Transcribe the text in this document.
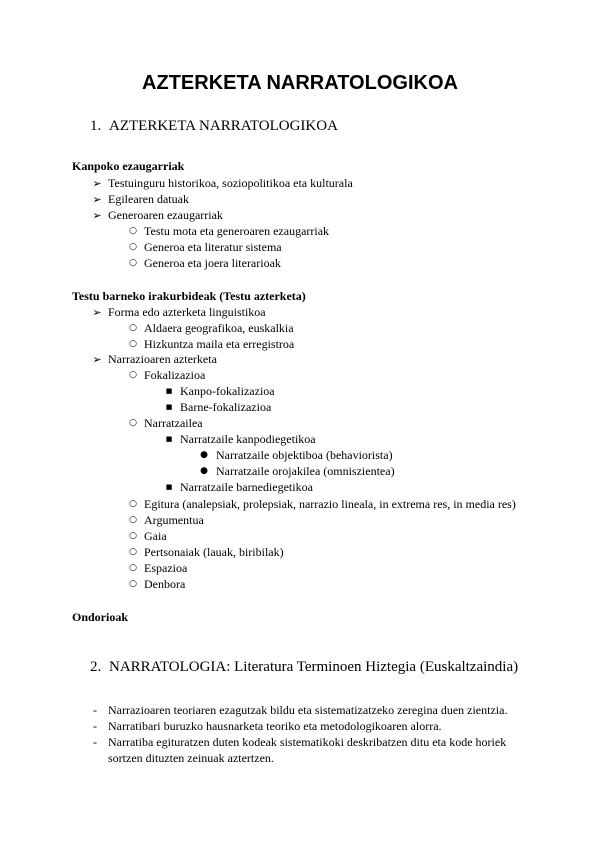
AZTERKETA NARRATOLOGIKOA
1. AZTERKETA NARRATOLOGIKOA
Kanpoko ezaugarriak
➢ Testuinguru historikoa, soziopolitikoa eta kulturala
➢ Egilearen datuak
➢ Generoaren ezaugarriak
○ Testu mota eta generoaren ezaugarriak
○ Generoa eta literatur sistema
○ Generoa eta joera literarioak
Testu barneko irakurbideak (Testu azterketa)
➢ Forma edo azterketa linguistikoa
○ Aldaera geografikoa, euskalkia
○ Hizkuntza maila eta erregistroa
➢ Narrazioaren azterketa
○ Fokalizazioa
■ Kanpo-fokalizazioa
■ Barne-fokalizazioa
○ Narratzailea
■ Narratzaile kanpodiegetikoa
● Narratzaile objektiboa (behaviorista)
● Narratzaile orojakilea (omniszientea)
■ Narratzaile barnediegetikoa
○ Egitura (analepsiak, prolepsiak, narrazio lineala, in extrema res, in media res)
○ Argumentua
○ Gaia
○ Pertsonaiak (lauak, biribilak)
○ Espazioa
○ Denbora
Ondorioak
2. NARRATOLOGIA: Literatura Terminoen Hiztegia (Euskaltzaindia)
- Narrazioaren teoriaren ezagutzak bildu eta sistematizatzeko zeregina duen zientzia.
- Narratibari buruzko hausnarketa teoriko eta metodologikoaren alorra.
- Narratiba egituratzen duten kodeak sistematikoki deskribatzen ditu eta kode horiek
sortzen dituzten zeinuak aztertzen.
